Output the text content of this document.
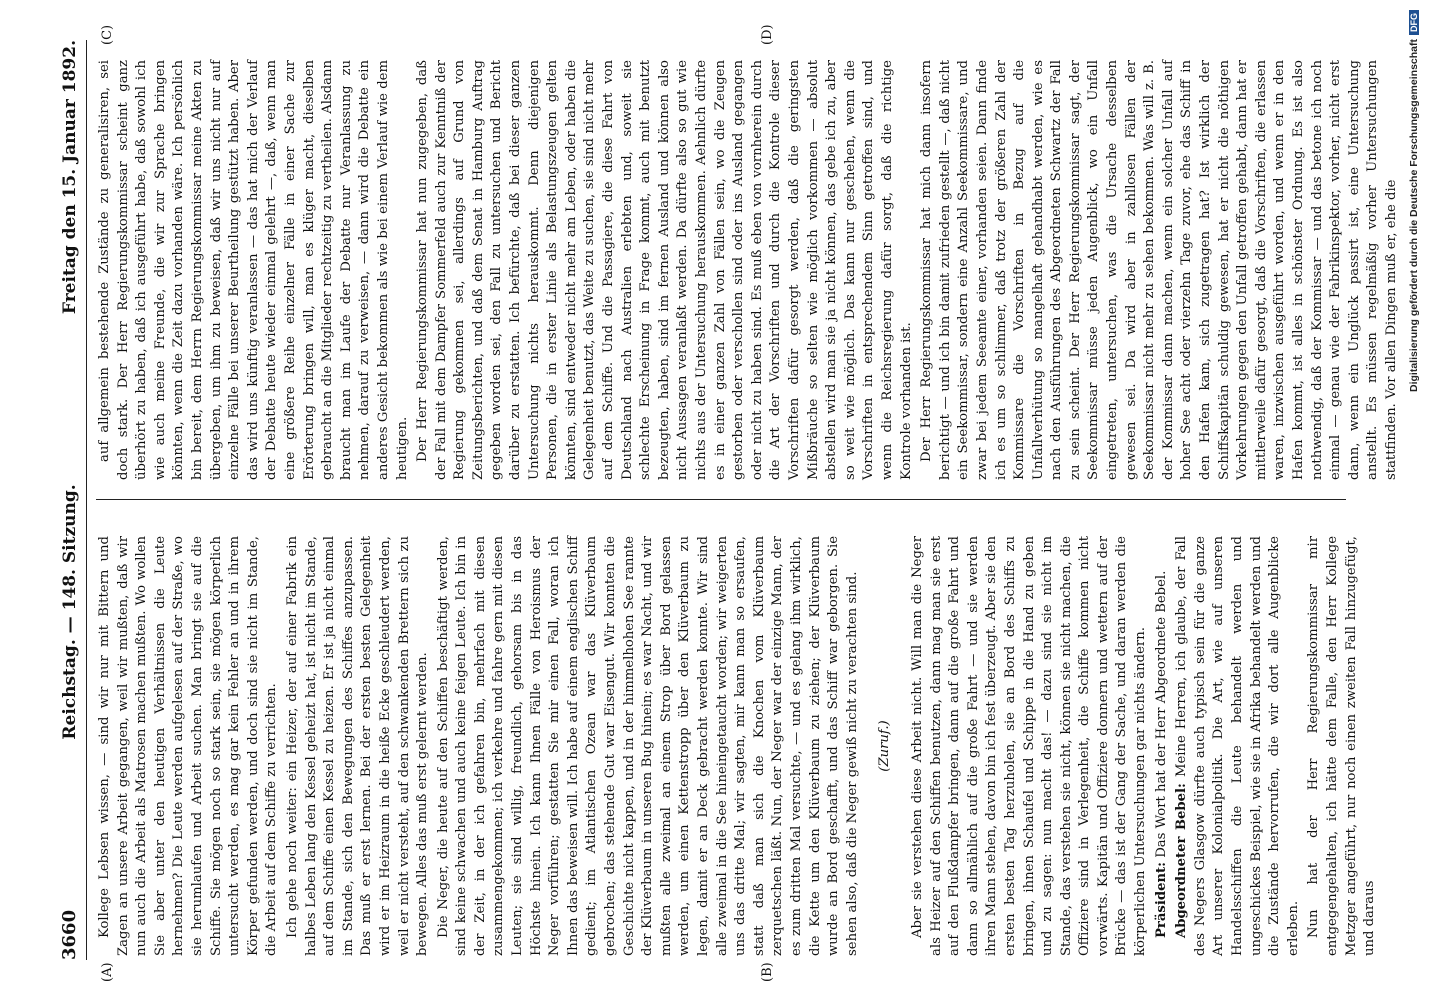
3660
Reichstag. — 148. Sitzung.
Freitag den 15. Januar 1892.
(A)	(B)
(C)	(D)

Kollege Lebsen wissen, — sind wir nur mit Bittern und Zagen an unsere Arbeit gegangen, weil wir mußten, daß wir nun auch die Arbeit als Matrosen machen mußten. Wo wollen Sie aber unter den heutigen Verhältnissen die Leute hernehmen? Die Leute werden aufgelesen auf der Straße, wo sie herumlaufen und Arbeit suchen. Man bringt sie auf die Schiffe. Sie mögen noch so stark sein, sie mögen körperlich untersucht werden, es mag gar kein Fehler an und in ihrem Körper gefunden werden, und doch sind sie nicht im Stande, die Arbeit auf dem Schiffe zu verrichten. Ich gehe noch weiter: ein Heizer, der auf einer Fabrik ein halbes Leben lang den Kessel geheizt hat, ist nicht im Stande, auf dem Schiffe einen Kessel zu heizen. Er ist ja nicht einmal im Stande, sich den Bewegungen des Schiffes anzupassen. Das muß er erst lernen. Bei der ersten besten Gelegenheit wird er im Heizraum in die heiße Ecke geschleudert werden, weil er nicht versteht, auf den schwankenden Brettern sich zu bewegen. Alles das muß erst gelernt werden. Die Neger, die heute auf den Schiffen beschäftigt werden, sind keine schwachen und auch keine feigen Leute. Ich bin in der Zeit, in der ich gefahren bin, mehrfach mit diesen zusammengekommen; ich verkehre und fahre gern mit diesen Leuten; sie sind willig, freundlich, gehorsam bis in das Höchste hinein. Ich kann Ihnen Fälle von Heroismus der Neger vorführen; gestatten Sie mir einen Fall, woran ich Ihnen das beweisen will. Ich habe auf einem englischen Schiff gedient; im Atlantischen Ozean war das Klüverbaum gebrochen; das stehende Gut war Eisengut. Wir konnten die Geschichte nicht kappen, und in der himmelhohen See rannte der Klüverbaum in unseren Bug hinein; es war Nacht, und wir mußten alle zweimal an einem Strop über Bord gelassen werden, um einen Kettenstropp über den Klüverbaum zu legen, damit er an Deck gebracht werden konnte. Wir sind alle zweimal in die See hineingetaucht worden; wir weigerten uns das dritte Mal; wir sagten, mir kann man so ersaufen, statt daß man sich die Knochen vom Klüverbaum zerquetschen läßt. Nun, der Neger war der einzige Mann, der es zum dritten Mal versuchte, — und es gelang ihm wirklich, die Kette um den Klüverbaum zu ziehen; der Klüverbaum wurde an Bord geschafft, und das Schiff war geborgen. Sie sehen also, daß die Neger gewiß nicht zu verachten sind. (Zuruf.) Aber sie verstehen diese Arbeit nicht. Will man die Neger als Heizer auf den Schiffen benutzen, dann mag man sie erst auf den Flußdampfer bringen, dann auf die große Fahrt und dann so allmählich auf die große Fahrt — und sie werden ihren Mann stehen, davon bin ich fest überzeugt. Aber sie den ersten besten Tag herzuholen, sie an Bord des Schiffs zu bringen, ihnen Schaufel und Schippe in die Hand zu geben und zu sagen: nun macht das! — dazu sind sie nicht im Stande, das verstehen sie nicht, können sie nicht machen, die Offiziere sind in Verlegenheit, die Schiffe kommen nicht vorwärts. Kapitän und Offiziere donnern und wettern auf der Brücke — das ist der Gang der Sache, und daran werden die körperlichen Untersuchungen gar nichts ändern. Präsident: Das Wort hat der Herr Abgeordnete Bebel.

Abgeordneter Bebel: Meine Herren, ich glaube, der Fall des Negers Glasgow dürfte auch typisch sein für die ganze Art unserer Kolonialpolitik. Die Art, wie auf unseren Handelsschiffen die Leute behandelt werden und ungeschickes Beispiel, wie sie in Afrika behandelt werden und die Zustände hervorrufen, die wir dort alle Augenblicke erleben. Nun hat der Herr Regierungskommissar mir entgegengehalten, ich hätte dem Falle, den Herr Kollege Metzger angeführt, nur noch einen zweiten Fall hinzugefügt, und daraus

auf allgemein bestehende Zustände zu generalisiren, sei doch stark. Der Herr Regierungskommissar scheint ganz überhört zu haben, daß ich ausgeführt habe, daß sowohl ich wie auch meine Freunde, die wir zur Sprache bringen könnten, wenn die Zeit dazu vorhanden wäre. Ich persönlich bin bereit, dem Herrn Regierungskommissar meine Akten zu übergeben, um ihm zu beweisen, daß wir uns nicht nur auf einzelne Fälle bei unserer Beurtheilung gestützt haben. Aber das wird uns künftig veranlassen — das hat mich der Verlauf der Debatte heute wieder einmal gelehrt —, daß, wenn man eine größere Reihe einzelner Fälle in einer Sache zur Erörterung bringen will, man es klüger macht, dieselben gebraucht an die Mitglieder rechtzeitig zu vertheilen. Alsdann braucht man im Laufe der Debatte nur Veranlassung zu nehmen, darauf zu verweisen, — dann wird die Debatte ein anderes Gesicht bekommen als wie bei einem Verlauf wie dem heutigen. Der Herr Regierungskommissar hat nun zugegeben, daß der Fall mit dem Dampfer Sommerfeld auch zur Kenntniß der Regierung gekommen sei, allerdings auf Grund von Zeitungsberichten, und daß dem Senat in Hamburg Auftrag gegeben worden sei, den Fall zu untersuchen und Bericht darüber zu erstatten. Ich befürchte, daß bei dieser ganzen Untersuchung nichts herauskommt. Denn diejenigen Personen, die in erster Linie als Belastungszeugen gelten könnten, sind entweder nicht mehr am Leben, oder haben die Gelegenheit benutzt, das Weite zu suchen, sie sind nicht mehr auf dem Schiffe. Und die Passagiere, die diese Fahrt von Deutschland nach Australien erlebten und, soweit sie schlechte Erscheinung in Frage kommt, auch mit benutzt bezeugten, haben, sind im fernen Ausland und können also nicht Aussagen veranlaßt werden. Da dürfte also so gut wie nichts aus der Untersuchung herauskommen. Aehnlich dürfte es in einer ganzen Zahl von Fällen sein, wo die Zeugen gestorben oder verschollen sind oder ins Ausland gegangen oder nicht zu haben sind. Es muß eben von vornherein durch die Art der Vorschriften und durch die Kontrole dieser Vorschriften dafür gesorgt werden, daß die geringsten Mißbräuche so selten wie möglich vorkommen — absolut abstellen wird man sie ja nicht können, das gebe ich zu, aber so weit wie möglich. Das kann nur geschehen, wenn die Vorschriften in entsprechendem Sinn getroffen sind, und wenn die Reichsregierung dafür sorgt, daß die richtige Kontrole vorhanden ist. Der Herr Regierungskommissar hat mich dann insofern berichtigt — und ich bin damit zufrieden gestellt —, daß nicht ein Seekommissar, sondern eine Anzahl Seekommissare, und zwar bei jedem Seeamte einer, vorhanden seien. Dann finde ich es um so schlimmer, daß trotz der größeren Zahl der Kommissare die Vorschriften in Bezug auf die Unfallverhütung so mangelhaft gehandhabt werden, wie es nach den Ausführungen des Abgeordneten Schwartz der Fall zu sein scheint. Der Herr Regierungskommissar sagt, der Seekommissar müsse jeden Augenblick, wo ein Unfall eingetreten, untersuchen, was die Ursache desselben gewesen sei. Da wird aber in zahllosen Fällen der Seekommissar nicht mehr zu sehen bekommen. Was will z. B. der Kommissar dann machen, wenn ein solcher Unfall auf hoher See acht oder vierzehn Tage zuvor, ehe das Schiff in den Hafen kam, sich zugetragen hat? Ist wirklich der Schiffskapitän schuldig gewesen, hat er nicht die nöthigen Vorkehrungen gegen den Unfall getroffen gehabt, dann hat er mittlerweile dafür gesorgt, daß die Vorschriften, die erlassen waren, inzwischen ausgeführt worden, und wenn er in den Hafen kommt, ist alles in schönster Ordnung. Es ist also nothwendig, daß der Kommissar — und das betone ich noch einmal — genau wie der Fabrikinspektor, vorher, nicht erst dann, wenn ein Unglück passirt ist, eine Untersuchung anstellt. Es müssen regelmäßig vorher Untersuchungen stattfinden. Vor allen Dingen muß er, ehe die Digitalisierung gefördert durch die Deutsche ForschungsgemeinschaftDFG
